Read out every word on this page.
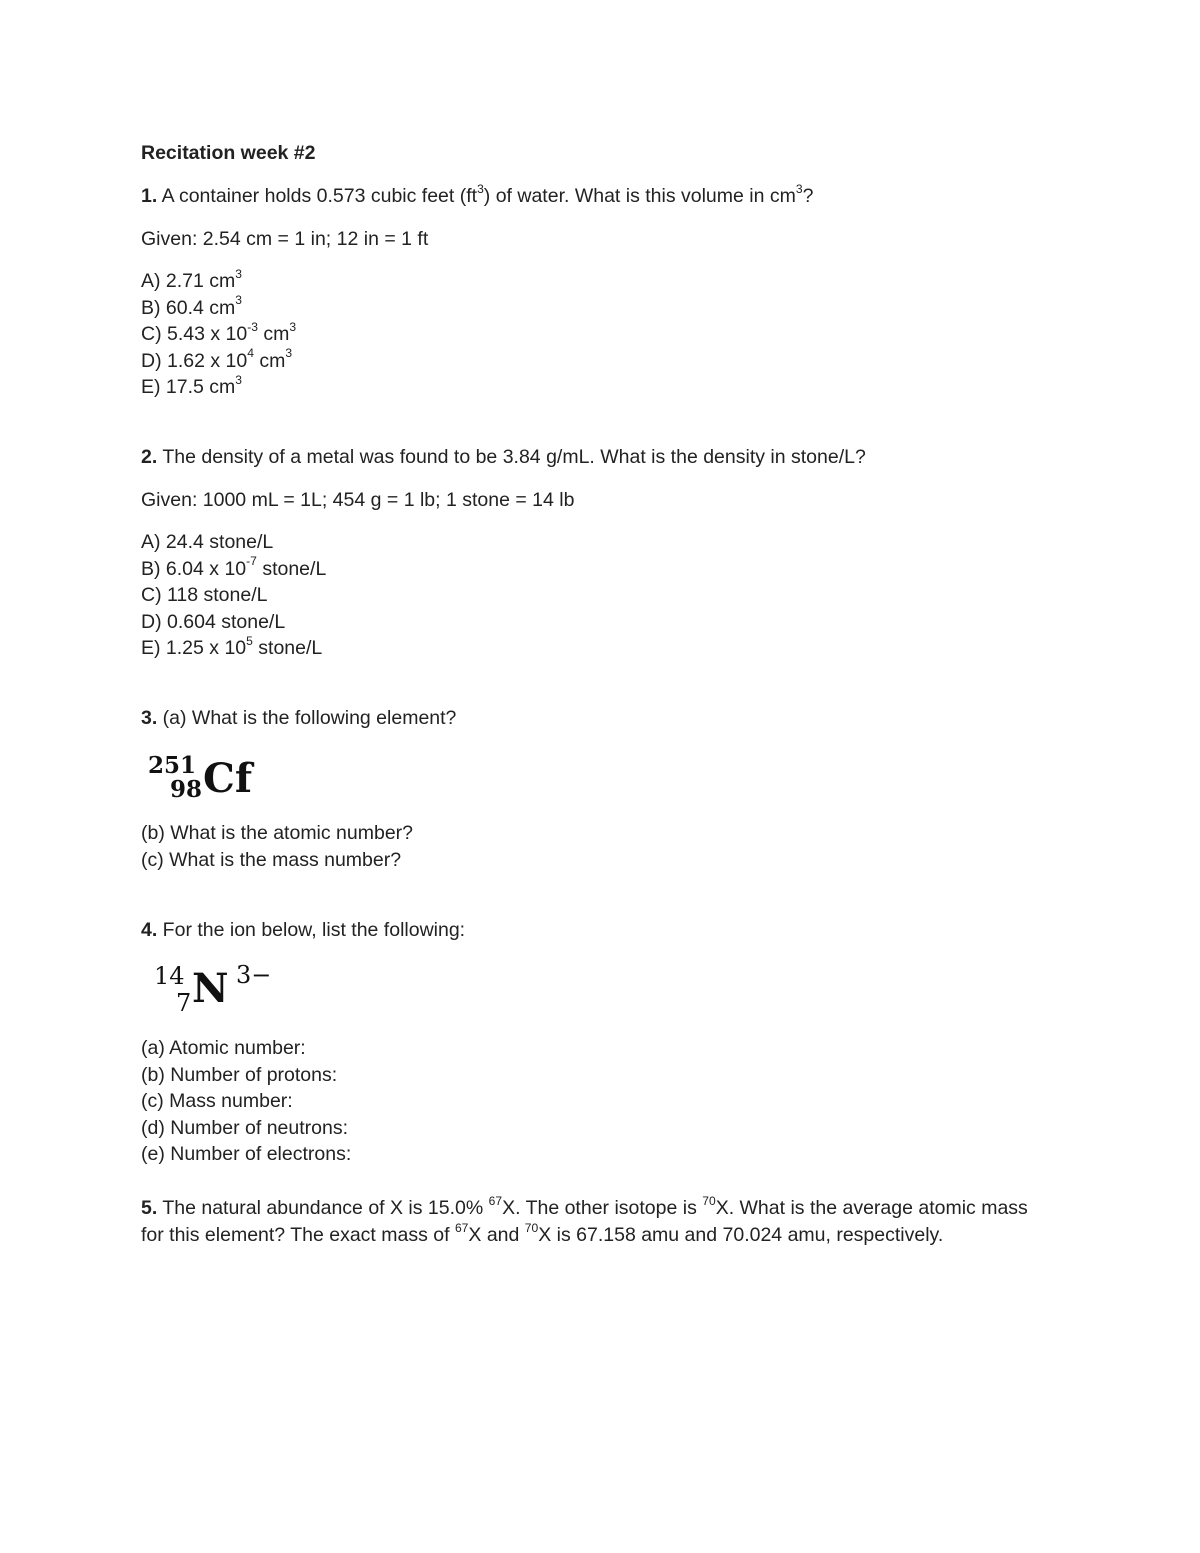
Recitation week #2
1. A container holds 0.573 cubic feet $(ft^3)$ of water. What is this volume in $cm^3$?
Given: 2.54 cm = 1 in; 12 in = 1 ft
A) 2.71 $cm^3$
B) 60.4 $cm^3$
C) 5.43 x $10^{-3}$ $cm^3$
D) 1.62 x $10^4$ $cm^3$
E) 17.5 $cm^3$
2. The density of a metal was found to be 3.84 g/mL. What is the density in stone/L?
Given: 1000 mL = 1L; 454 g = 1 lb; 1 stone = 14 lb
A) 24.4 stone/L
B) 6.04 x $10^{-7}$ stone/L
C) 118 stone/L
D) 0.604 stone/L
E) 1.25 x $10^5$ stone/L
3. (a) What is the following element?
251
98 Cf
(b) What is the atomic number?
(c) What is the mass number?
4. For the ion below, list the following:
14
7 N 3−
(a) Atomic number:
(b) Number of protons:
(c) Mass number:
(d) Number of neutrons:
(e) Number of electrons:
5. The natural abundance of X is 15.0% $^{67}$X. The other isotope is $^{70}$X. What is the average atomic mass for this element? The exact mass of $^{67}$X and $^{70}$X is 67.158 amu and 70.024 amu, respectively.
